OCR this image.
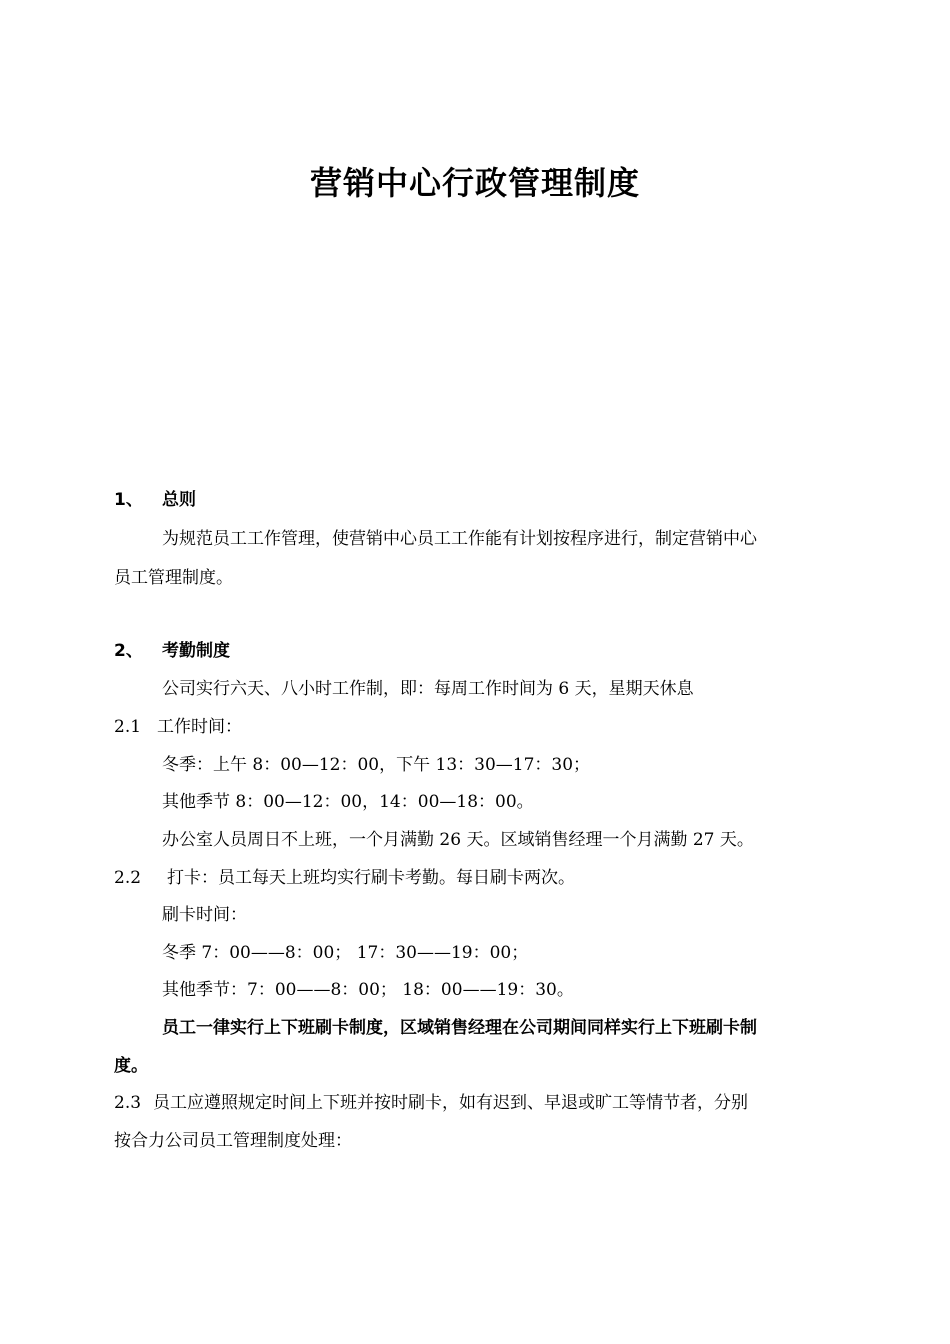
营销中心行政管理制度
1、 总则
为规范员工工作管理，使营销中心员工工作能有计划按程序进行，制定营销中心
员工管理制度。
2、 考勤制度
公司实行六天、八小时工作制，即：每周工作时间为 6 天，星期天休息
2.1 工作时间：
冬季：上午 8：00—12：00，下午 13：30—17：30；
其他季节 8：00—12：00，14：00—18：00。
办公室人员周日不上班，一个月满勤 26 天。区域销售经理一个月满勤 27 天。
2.2 打卡：员工每天上班均实行刷卡考勤。每日刷卡两次。
刷卡时间：
冬季 7：00——8：00； 17：30——19：00；
其他季节：7：00——8：00； 18：00——19：30。
员工一律实行上下班刷卡制度，区域销售经理在公司期间同样实行上下班刷卡制
度。
2.3 员工应遵照规定时间上下班并按时刷卡，如有迟到、早退或旷工等情节者，分别
按合力公司员工管理制度处理：
